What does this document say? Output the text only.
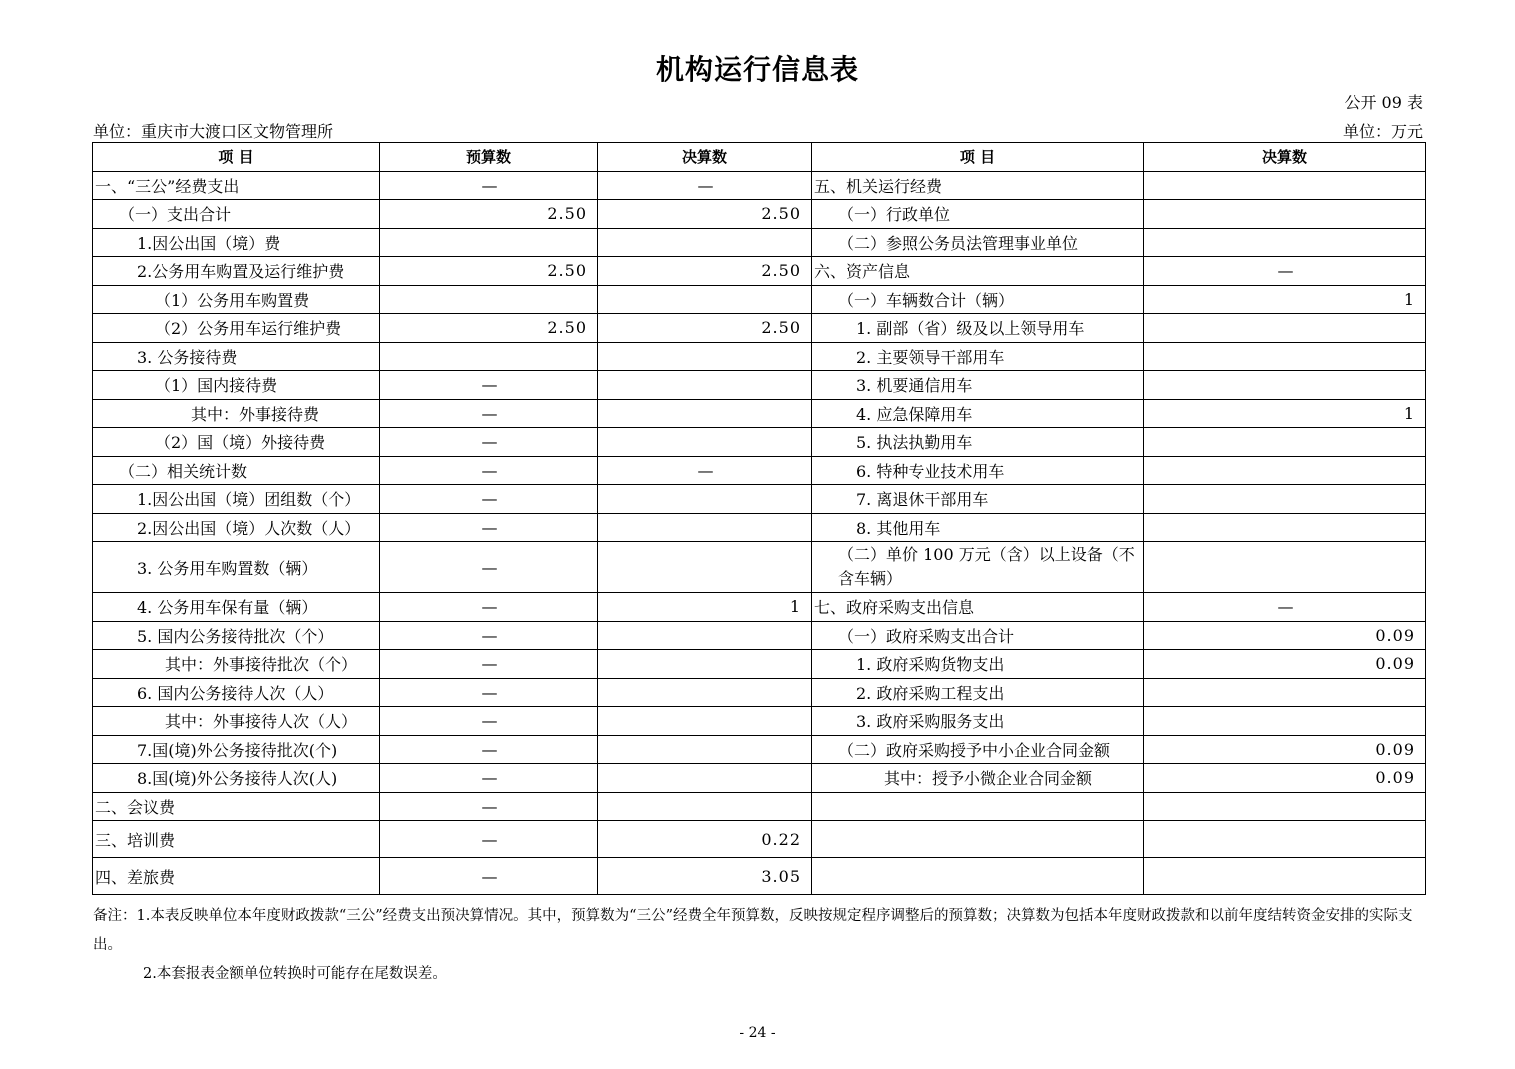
机构运行信息表
公开 09 表
单位：重庆市大渡口区文物管理所	单位：万元
项 目	预算数	决算数	项 目	决算数
一、“三公”经费支出	—	—	五、机关运行经费	
（一）支出合计	2.50	2.50	（一）行政单位	
1.因公出国（境）费			（二）参照公务员法管理事业单位	
2.公务用车购置及运行维护费	2.50	2.50	六、资产信息	—
（1）公务用车购置费			（一）车辆数合计（辆）	1
（2）公务用车运行维护费	2.50	2.50	1. 副部（省）级及以上领导用车	
3. 公务接待费			2. 主要领导干部用车	
（1）国内接待费	—		3. 机要通信用车	
其中：外事接待费	—		4. 应急保障用车	1
（2）国（境）外接待费	—		5. 执法执勤用车	
（二）相关统计数	—	—	6. 特种专业技术用车	
1.因公出国（境）团组数（个）	—		7. 离退休干部用车	
2.因公出国（境）人次数（人）	—		8. 其他用车	
3. 公务用车购置数（辆）	—		（二）单价 100 万元（含）以上设备（不含车辆）	
4. 公务用车保有量（辆）	—	1	七、政府采购支出信息	—
5. 国内公务接待批次（个）	—		（一）政府采购支出合计	0.09
其中：外事接待批次（个）	—		1. 政府采购货物支出	0.09
6. 国内公务接待人次（人）	—		2. 政府采购工程支出	
其中：外事接待人次（人）	—		3. 政府采购服务支出	
7.国(境)外公务接待批次(个)	—		（二）政府采购授予中小企业合同金额	0.09
8.国(境)外公务接待人次(人)	—		其中：授予小微企业合同金额	0.09
二、会议费	—			
三、培训费	—	0.22		
四、差旅费	—	3.05		
备注：1.本表反映单位本年度财政拨款“三公”经费支出预决算情况。其中，预算数为“三公”经费全年预算数，反映按规定程序调整后的预算数；决算数为包括本年度财政拨款和以前年度结转资金安排的实际支出。
2.本套报表金额单位转换时可能存在尾数误差。
- 24 -
